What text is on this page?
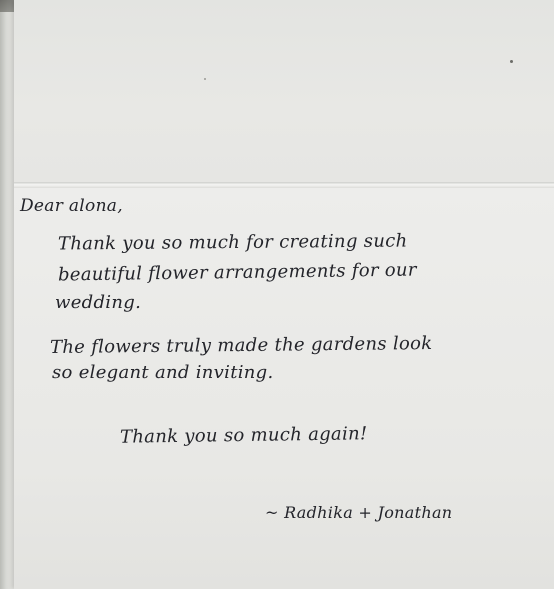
Dear alona,

Thank you so much for creating such

beautiful flower arrangements for our

wedding.

The flowers truly made the gardens look

so elegant and inviting.

Thank you so much again!

~ Radhika + Jonathan
